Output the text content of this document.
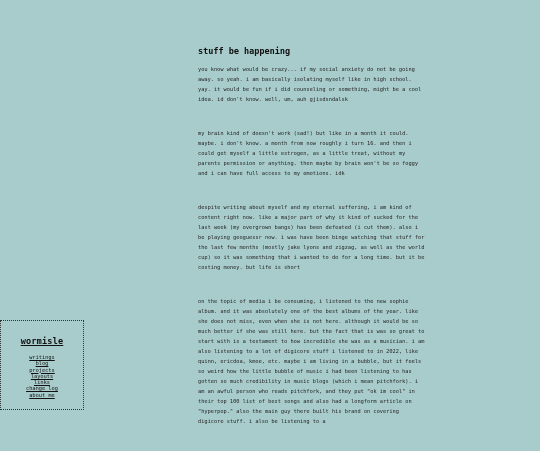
wormisle
writings
blog
projects
layouts
links
change log
about me
stuff be happening

you know what would be crazy... if my social anxiety do not be going away. so yeah. i am basically isolating myself like in high school. yay. it would be fun if i did counseling or something, might be a cool idea. id don't know. well, um, auh gjisdsndalsk

my brain kind of doesn't work (sad!) but like in a month it could. maybe. i don't know. a month from now roughly i turn 16. and then i could get myself a little estrogen, as a little treat, without my parents permission or anything. then maybe by brain won't be so foggy and i can have full access to my emotions. idk

despite writing about myself and my eternal suffering, i am kind of content right now. like a major part of why it kind of sucked for the last week (my overgrown bangs) has been defeated (i cut them). also i be playing geoguessr now. i was have been binge watching that stuff for the last few months (mostly jake lyons and zigzag, as well as the world cup) so it was something that i wanted to do for a long time. but it be costing money. but life is short

on the topic of media i be consuming, i listened to the new sophie album. and it was absolutely one of the best albums of the year. like she does not miss, even when she is not here. although it would be so much better if she was still here. but the fact that is was so great to start with is a testament to how incredible she was as a musician. i am also listening to a lot of digicore stuff i listened to in 2022, like quinn, ericdoa, kmoe, etc. maybe i am living in a bubble, but it feels so weird how the little bubble of music i had been listening to has gotten so much credibility in music blogs (which i mean pitchfork). i am an awful person who reads pitchfork, and they put "ok im cool" in their top 100 list of best songs and also had a longform article on "hyperpop." also the main guy there built his brand on covering digicore stuff. i also be listening to a
